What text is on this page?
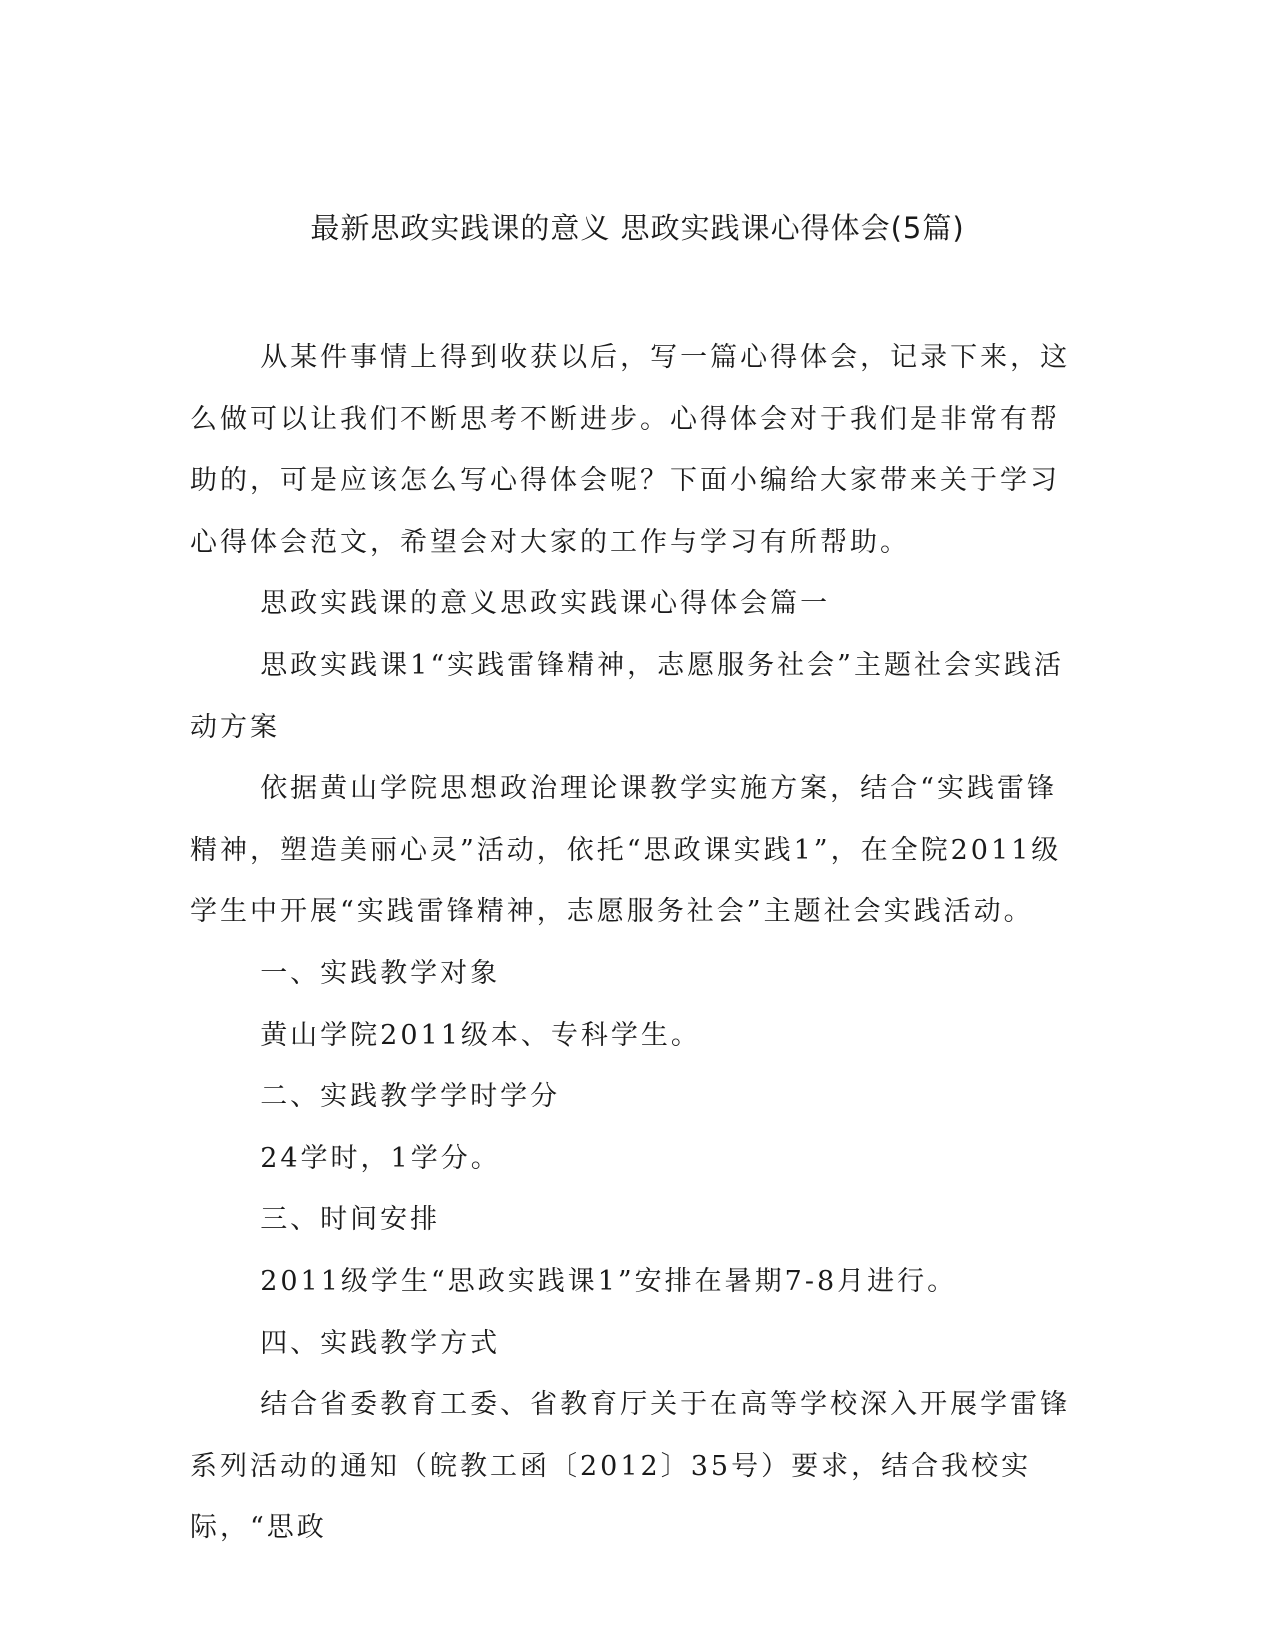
最新思政实践课的意义 思政实践课心得体会(5篇)

从某件事情上得到收获以后，写一篇心得体会，记录下来，这么做可以让我们不断思考不断进步。心得体会对于我们是非常有帮助的，可是应该怎么写心得体会呢？下面小编给大家带来关于学习心得体会范文，希望会对大家的工作与学习有所帮助。

思政实践课的意义思政实践课心得体会篇一

思政实践课1“实践雷锋精神，志愿服务社会”主题社会实践活动方案

依据黄山学院思想政治理论课教学实施方案，结合“实践雷锋精神，塑造美丽心灵”活动，依托“思政课实践1”，在全院2011级学生中开展“实践雷锋精神，志愿服务社会”主题社会实践活动。

一、实践教学对象

黄山学院2011级本、专科学生。

二、实践教学学时学分

24学时，1学分。

三、时间安排

2011级学生“思政实践课1”安排在暑期7-8月进行。

四、实践教学方式

结合省委教育工委、省教育厅关于在高等学校深入开展学雷锋系列活动的通知（皖教工函〔2012〕35号）要求，结合我校实际，“思政
